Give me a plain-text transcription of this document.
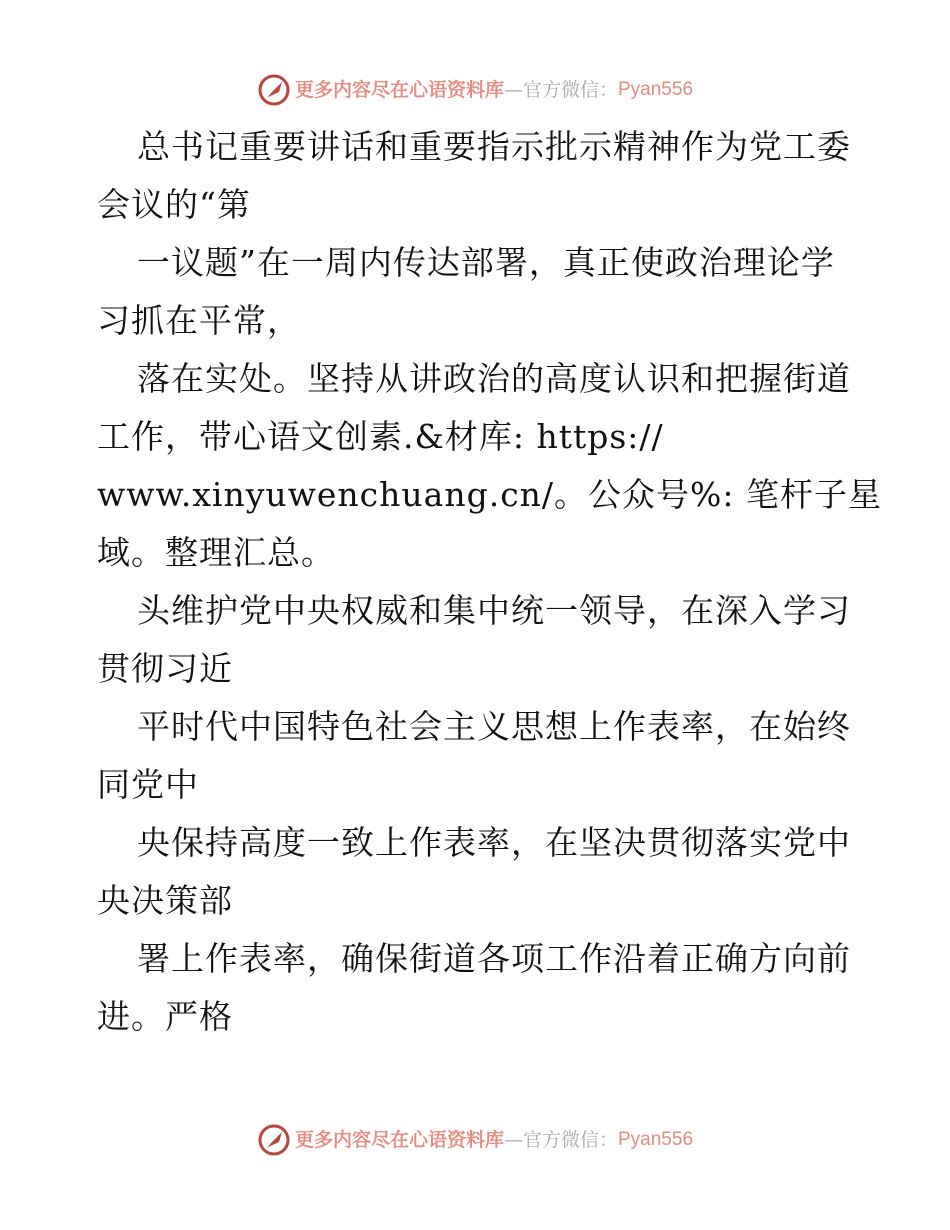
更多内容尽在心语资料库 — 官方微信： Pyan556
总书记重要讲话和重要指示批示精神作为党工委
会议的“第
一议题”在一周内传达部署，真正使政治理论学
习抓在平常，
落在实处。坚持从讲政治的高度认识和把握街道
工作，带心语文创素.&材库: https://
www.xinyuwenchuang.cn/。公众号%: 笔杆子星
域。整理汇总。
头维护党中央权威和集中统一领导，在深入学习
贯彻习近
平时代中国特色社会主义思想上作表率，在始终
同党中
央保持高度一致上作表率，在坚决贯彻落实党中
央决策部
署上作表率，确保街道各项工作沿着正确方向前
进。严格
更多内容尽在心语资料库 — 官方微信： Pyan556
